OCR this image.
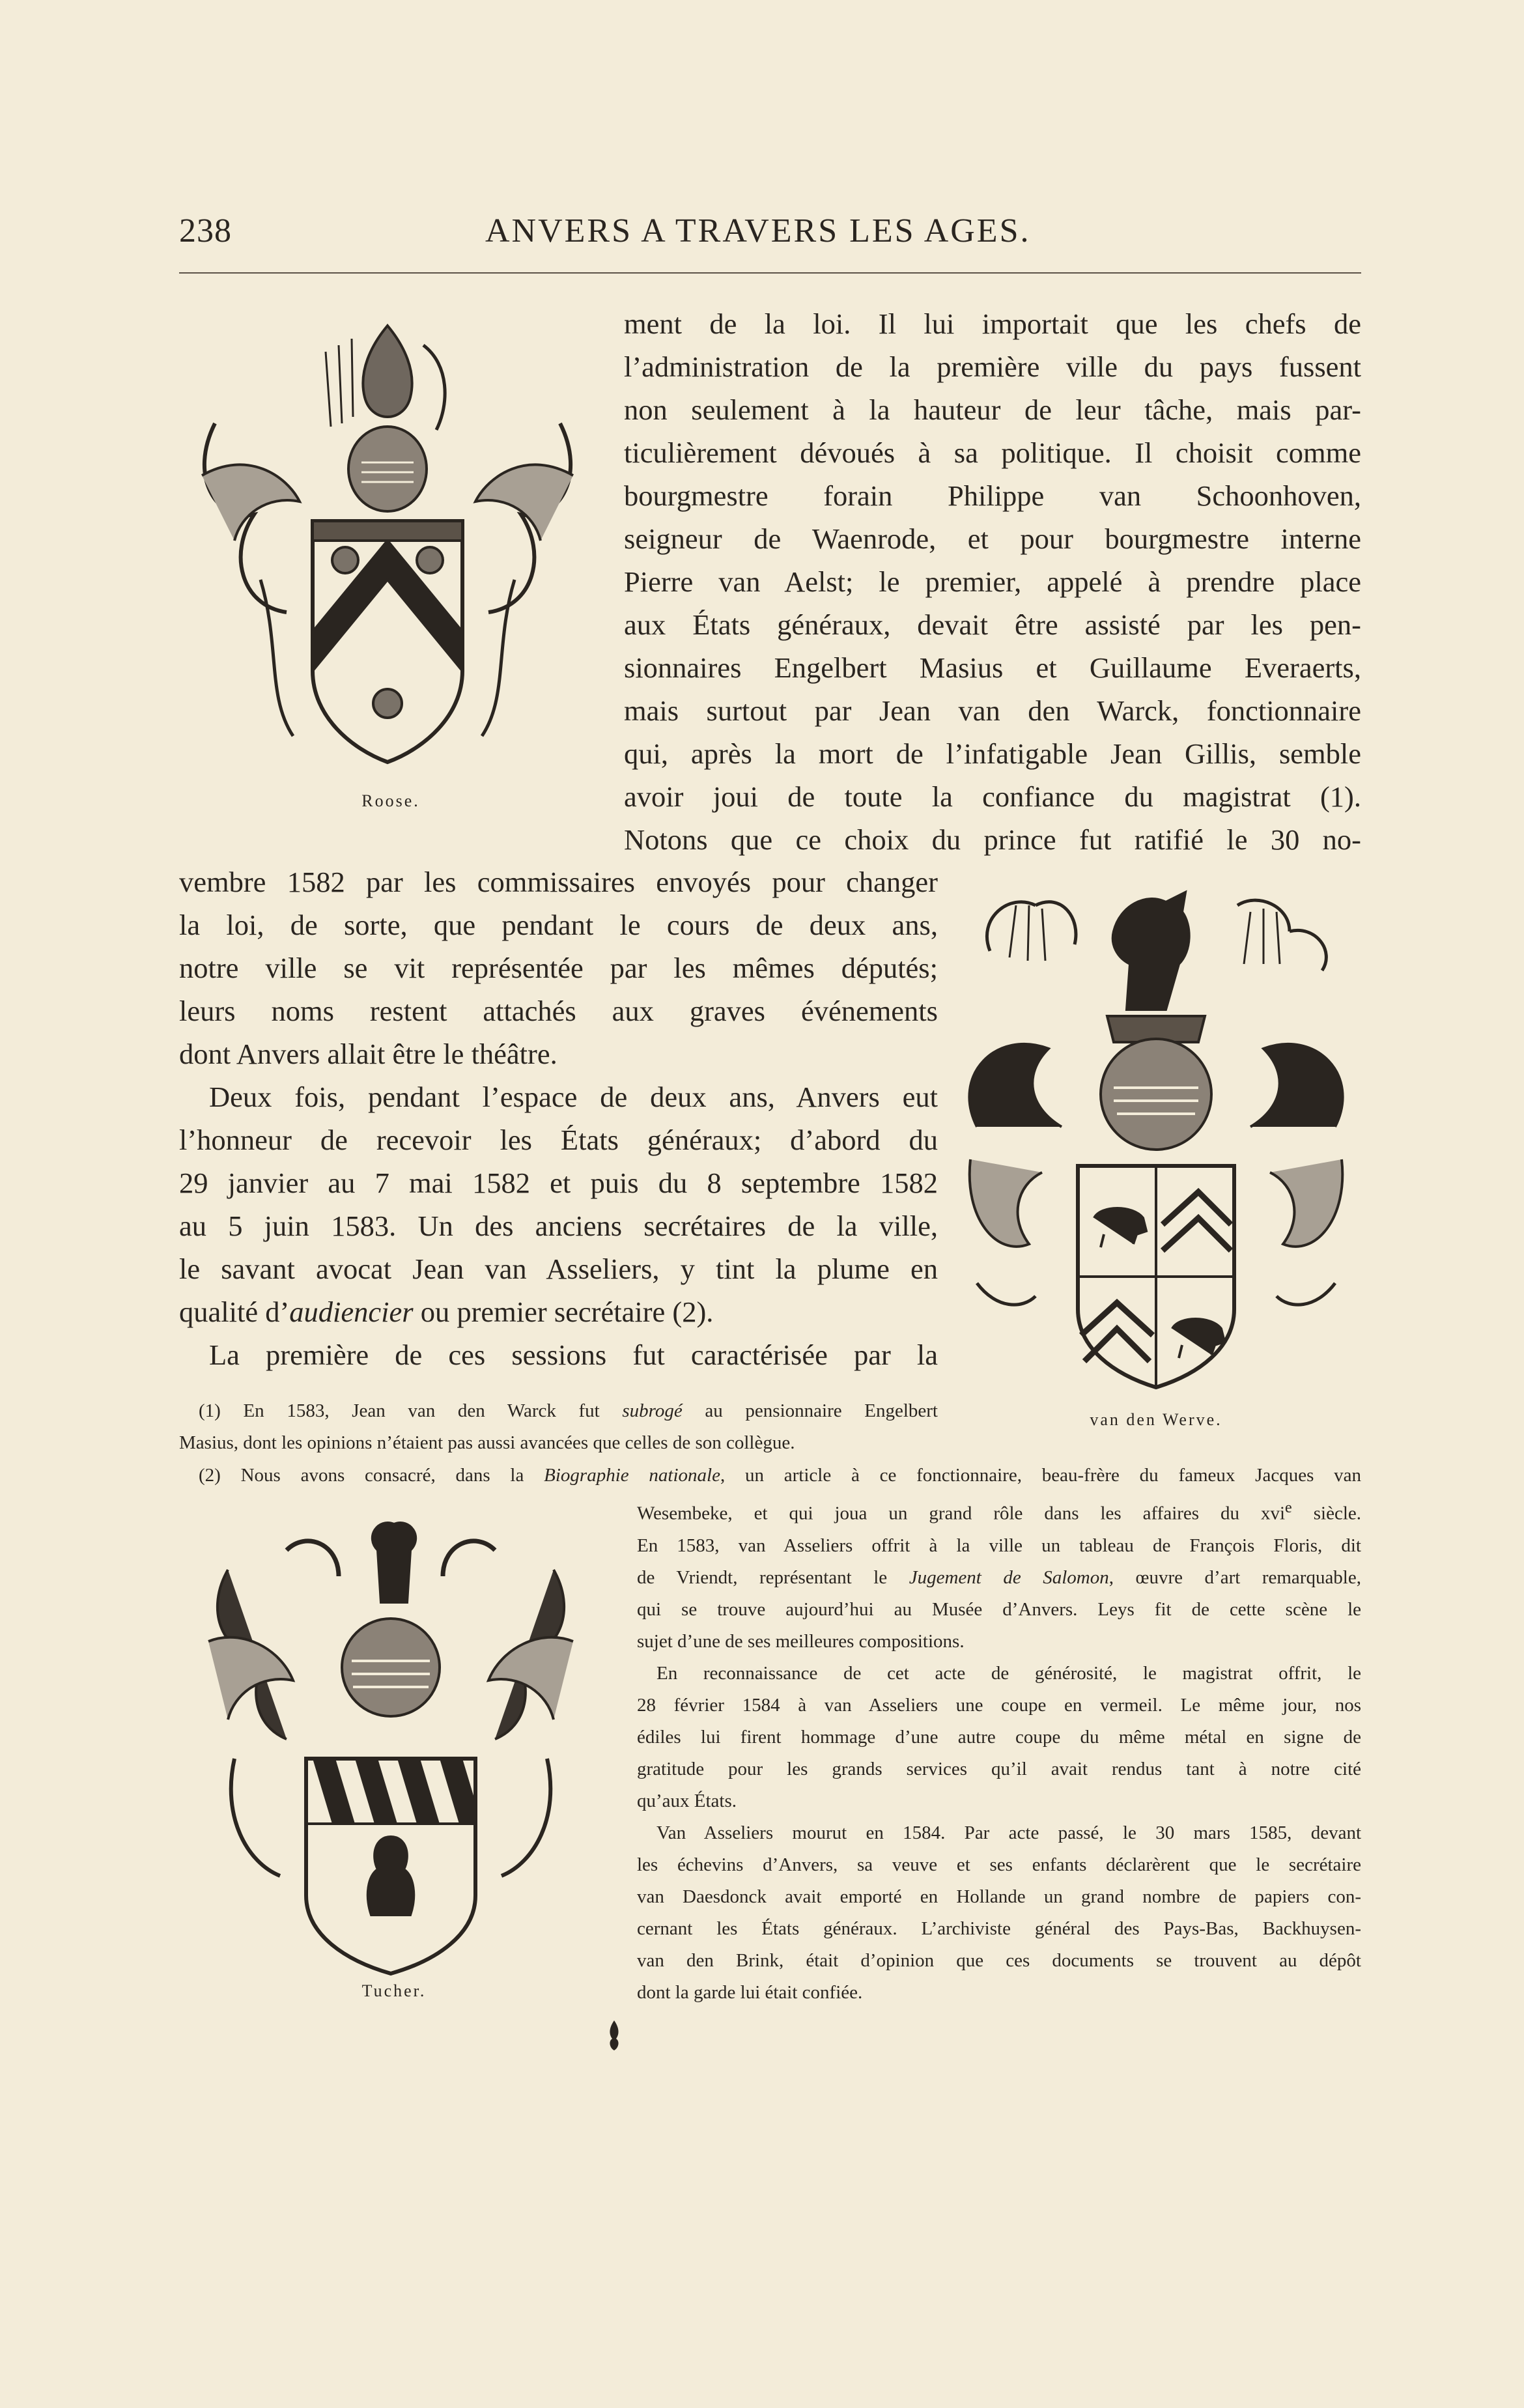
238	ANVERS A TRAVERS LES AGES.
Roose.
ment de la loi. Il lui importait que les chefs de
l’administration de la première ville du pays fussent
non seulement à la hauteur de leur tâche, mais par-
ticulièrement dévoués à sa politique. Il choisit comme
bourgmestre forain Philippe van Schoonhoven,
seigneur de Waenrode, et pour bourgmestre interne
Pierre van Aelst; le premier, appelé à prendre place
aux États généraux, devait être assisté par les pen-
sionnaires Engelbert Masius et Guillaume Everaerts,
mais surtout par Jean van den Warck, fonctionnaire
qui, après la mort de l’infatigable Jean Gillis, semble
avoir joui de toute la confiance du magistrat (1).
Notons que ce choix du prince fut ratifié le 30 no-
vembre 1582 par les commissaires envoyés pour changer
la loi, de sorte, que pendant le cours de deux ans,
notre ville se vit représentée par les mêmes députés;
leurs noms restent attachés aux graves événements
dont Anvers allait être le théâtre.
Deux fois, pendant l’espace de deux ans, Anvers eut
l’honneur de recevoir les États généraux; d’abord du
29 janvier au 7 mai 1582 et puis du 8 septembre 1582
au 5 juin 1583. Un des anciens secrétaires de la ville,
le savant avocat Jean van Asseliers, y tint la plume en
qualité d’audiencier ou premier secrétaire (2).
La première de ces sessions fut caractérisée par la
van den Werve.
(1) En 1583, Jean van den Warck fut subrogé au pensionnaire Engelbert
Masius, dont les opinions n’étaient pas aussi avancées que celles de son collègue.
(2) Nous avons consacré, dans la Biographie nationale, un article à ce fonctionnaire, beau-frère du fameux Jacques van
Wesembeke, et qui joua un grand rôle dans les affaires du xvi$^e$ siècle.
En 1583, van Asseliers offrit à la ville un tableau de François Floris, dit
de Vriendt, représentant le Jugement de Salomon, œuvre d’art remarquable,
qui se trouve aujourd’hui au Musée d’Anvers. Leys fit de cette scène le
sujet d’une de ses meilleures compositions.
En reconnaissance de cet acte de générosité, le magistrat offrit, le
28 février 1584 à van Asseliers une coupe en vermeil. Le même jour, nos
édiles lui firent hommage d’une autre coupe du même métal en signe de
gratitude pour les grands services qu’il avait rendus tant à notre cité
qu’aux États.
Van Asseliers mourut en 1584. Par acte passé, le 30 mars 1585, devant
les échevins d’Anvers, sa veuve et ses enfants déclarèrent que le secrétaire
van Daesdonck avait emporté en Hollande un grand nombre de papiers con-
cernant les États généraux. L’archiviste général des Pays-Bas, Backhuysen-
van den Brink, était d’opinion que ces documents se trouvent au dépôt
dont la garde lui était confiée.
Tucher.
